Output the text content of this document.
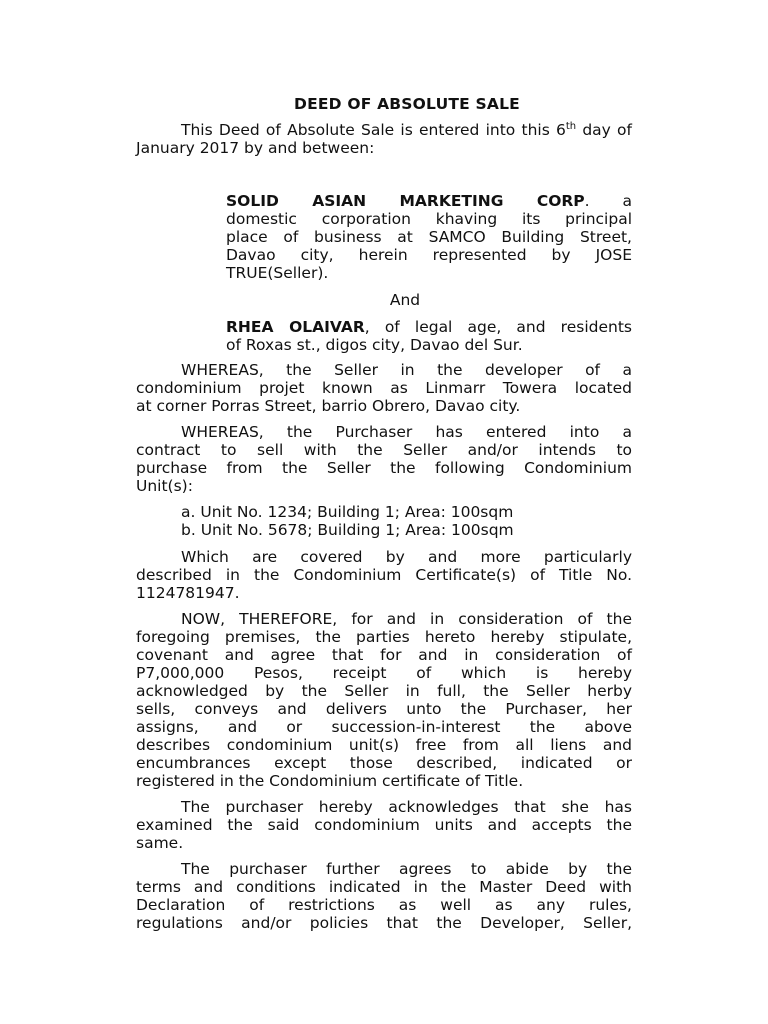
DEED OF ABSOLUTE SALE
This Deed of Absolute Sale is entered into this 6th day of
January 2017 by and between:
SOLID ASIAN MARKETING CORP. a
domestic corporation khaving its principal
place of business at SAMCO Building Street,
Davao city, herein represented by JOSE
TRUE(Seller).
And
RHEA OLAIVAR, of legal age, and residents
of Roxas st., digos city, Davao del Sur.
WHEREAS, the Seller in the developer of a
condominium projet known as Linmarr Towera located
at corner Porras Street, barrio Obrero, Davao city.
WHEREAS, the Purchaser has entered into a
contract to sell with the Seller and/or intends to
purchase from the Seller the following Condominium
Unit(s):
a. Unit No. 1234; Building 1; Area: 100sqm
b. Unit No. 5678; Building 1; Area: 100sqm
Which are covered by and more particularly
described in the Condominium Certificate(s) of Title No.
1124781947.
NOW, THEREFORE, for and in consideration of the
foregoing premises, the parties hereto hereby stipulate,
covenant and agree that for and in consideration of
P7,000,000 Pesos, receipt of which is hereby
acknowledged by the Seller in full, the Seller herby
sells, conveys and delivers unto the Purchaser, her
assigns, and or succession-in-interest the above
describes condominium unit(s) free from all liens and
encumbrances except those described, indicated or
registered in the Condominium certificate of Title.
The purchaser hereby acknowledges that she has
examined the said condominium units and accepts the
same.
The purchaser further agrees to abide by the
terms and conditions indicated in the Master Deed with
Declaration of restrictions as well as any rules,
regulations and/or policies that the Developer, Seller,
